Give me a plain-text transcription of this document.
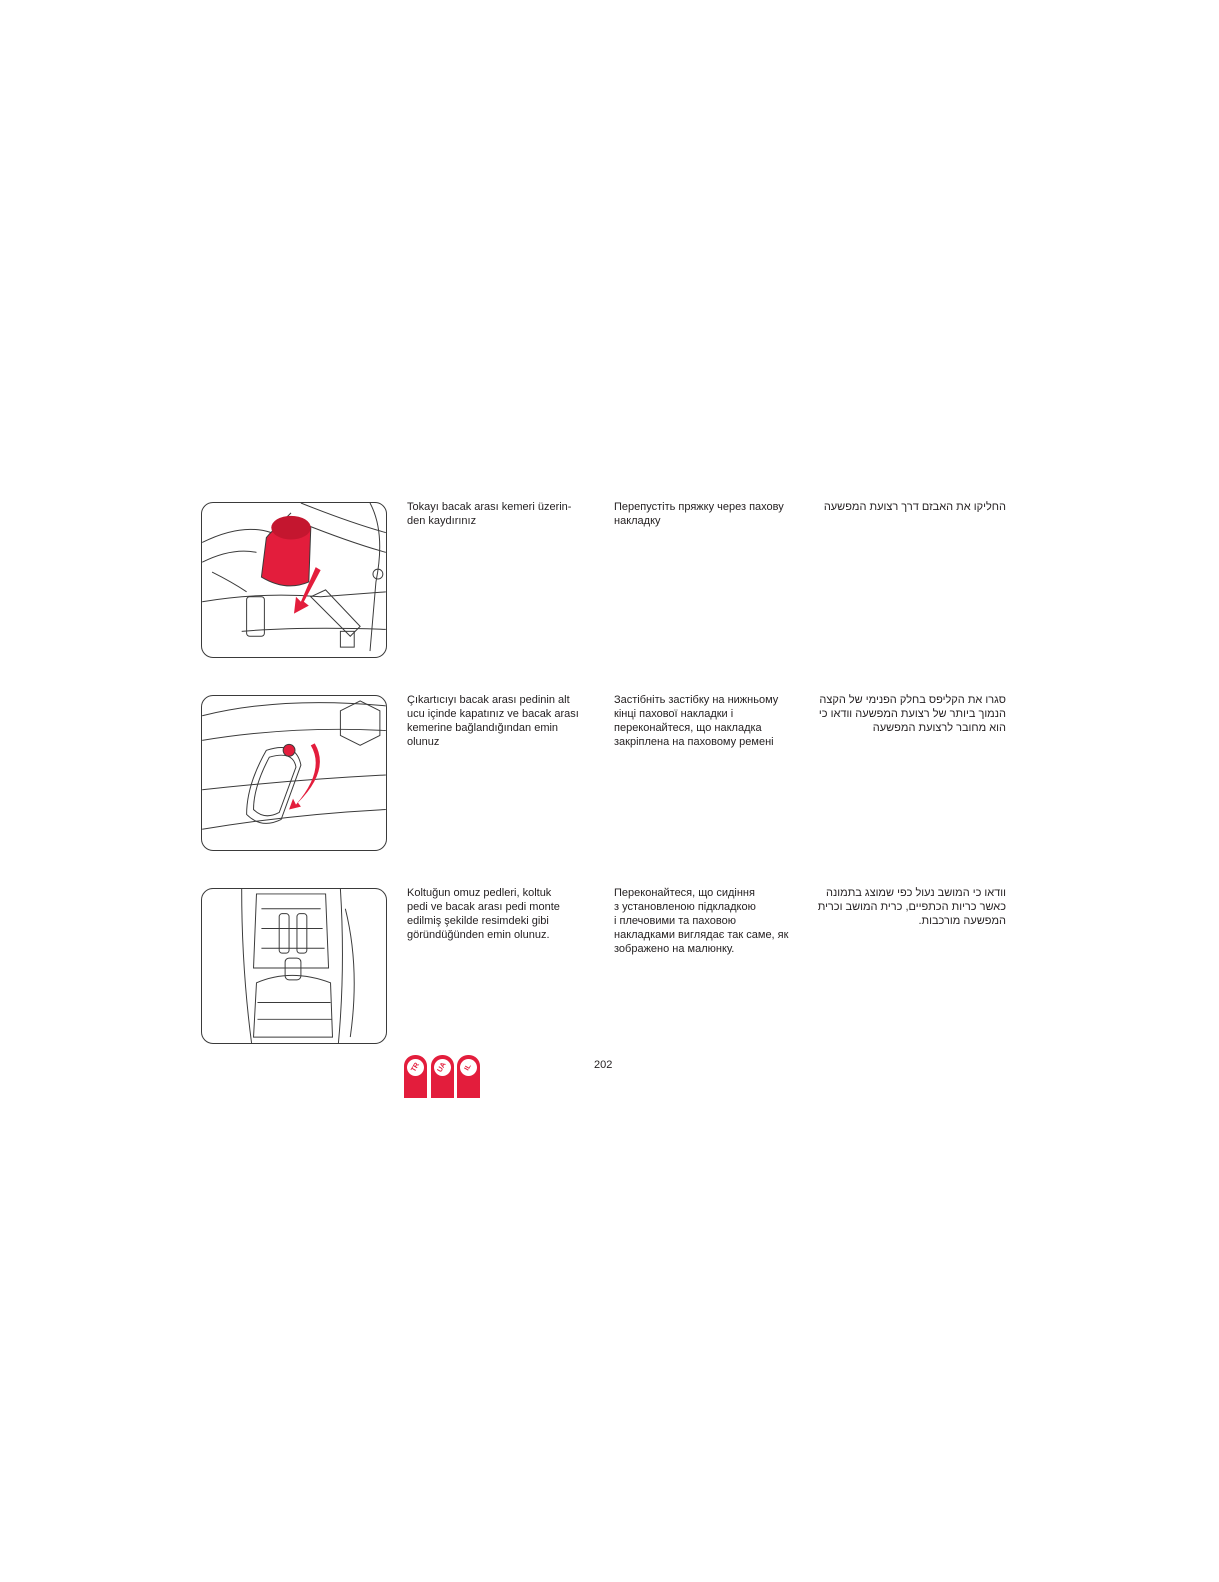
Tokayı bacak arası kemeri üzerin-
den kaydırınız
Перепустіть пряжку через пахову
накладку
החליקו את האבזם דרך רצועת המפשעה
Çıkartıcıyı bacak arası pedinin alt
ucu içinde kapatınız ve bacak arası
kemerine bağlandığından emin
olunuz
Застібніть застібку на нижньому
кінці пахової накладки і
переконайтеся, що накладка
закріплена на паховому ремені
סגרו את הקליפס בחלק הפנימי של הקצה
הנמוך ביותר של רצועת המפשעה וודאו כי
הוא מחובר לרצועת המפשעה
Koltuğun omuz pedleri, koltuk
pedi ve bacak arası pedi monte
edilmiş şekilde resimdeki gibi
göründüğünden emin olunuz.
Переконайтеся, що сидіння
з установленою підкладкою
і плечовими та паховою
накладками виглядає так саме, як
зображено на малюнку.
וודאו כי המושב נעול כפי שמוצג בתמונה
כאשר כריות הכתפיים, כרית המושב וכרית
המפשעה מורכבות.
202
TR UA IL
